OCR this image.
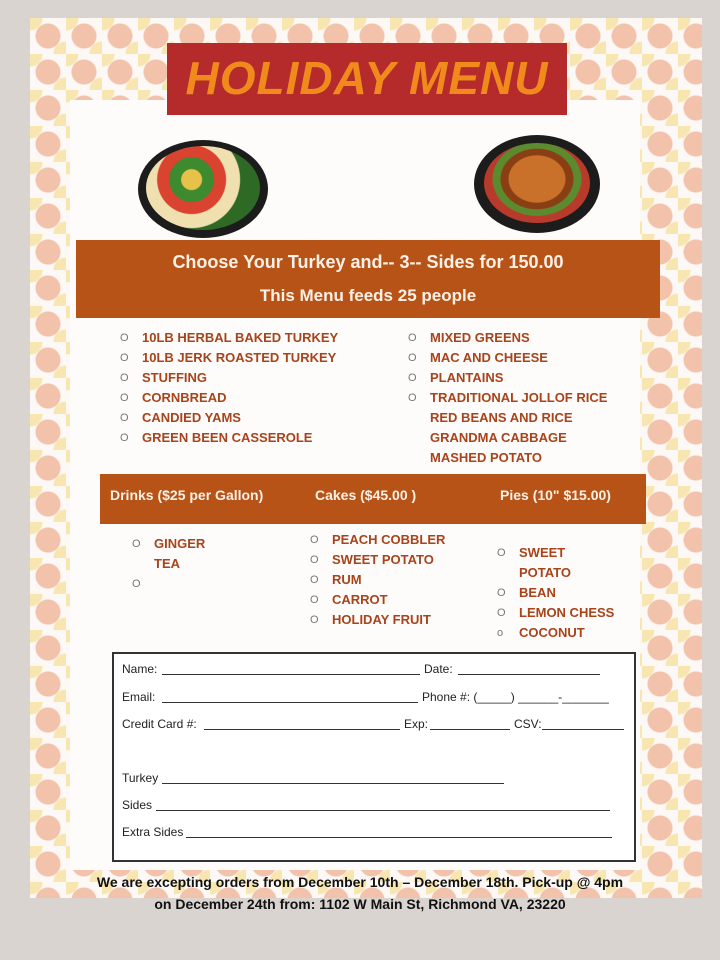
HOLIDAY MENU
Choose Your Turkey and-- 3-- Sides for 150.00
This Menu feeds 25 people
O 10LB HERBAL BAKED TURKEY
O 10LB JERK ROASTED TURKEY
O STUFFING
O CORNBREAD
O CANDIED YAMS
O GREEN BEEN CASSEROLE
O MIXED GREENS
O MAC AND CHEESE
O PLANTAINS
O TRADITIONAL JOLLOF RICE
RED BEANS AND RICE
GRANDMA CABBAGE
MASHED POTATO
Drinks ($25 per Gallon)	Cakes ($45.00 )	Pies (10" $15.00)
O GINGER
TEA
O
O PEACH COBBLER
O SWEET POTATO
O RUM
O CARROT
O HOLIDAY FRUIT
O SWEET
POTATO
O BEAN
O LEMON CHESS
o COCONUT
Name:	Date:
Email:	Phone #: (_____) ______-_______
Credit Card #:	Exp:	CSV:
Turkey
Sides
Extra Sides
We are excepting orders from December 10th – December 18th. Pick-up @ 4pm
on December 24th from: 1102 W Main St, Richmond VA, 23220
